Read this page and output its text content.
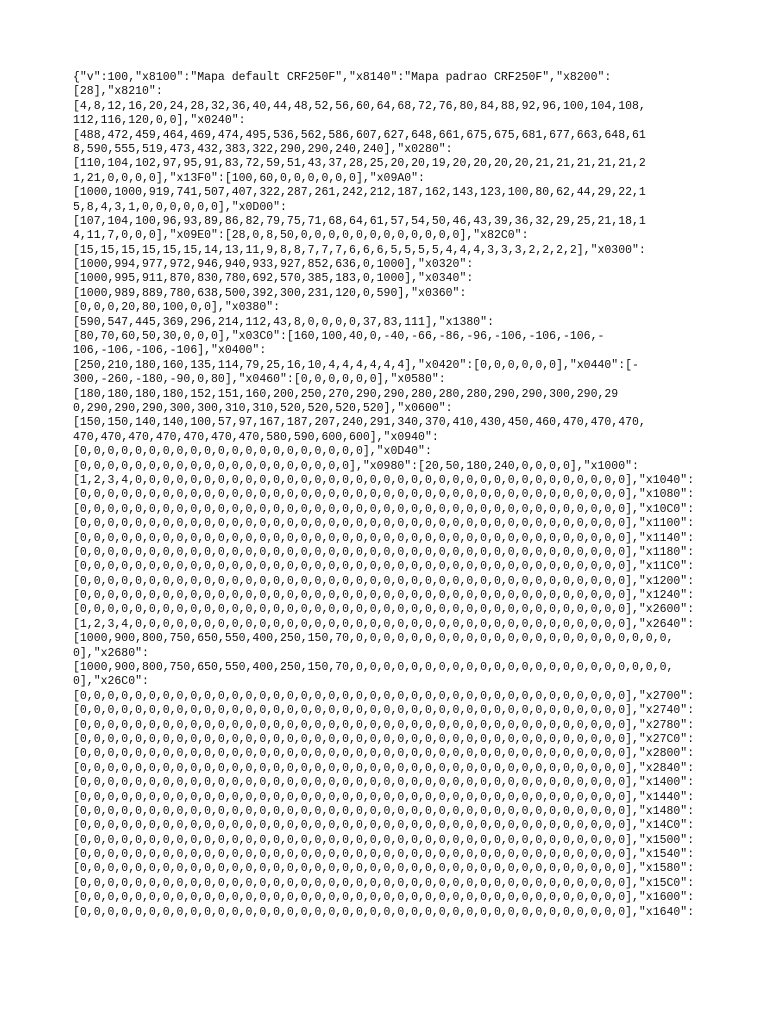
{"v":100,"x8100":"Mapa default CRF250F","x8140":"Mapa padrao CRF250F","x8200":
[28],"x8210":
[4,8,12,16,20,24,28,32,36,40,44,48,52,56,60,64,68,72,76,80,84,88,92,96,100,104,108,
112,116,120,0,0],"x0240":
[488,472,459,464,469,474,495,536,562,586,607,627,648,661,675,675,681,677,663,648,61
8,590,555,519,473,432,383,322,290,290,240,240],"x0280":
[110,104,102,97,95,91,83,72,59,51,43,37,28,25,20,20,19,20,20,20,20,21,21,21,21,21,2
1,21,0,0,0,0],"x13F0":[100,60,0,0,0,0,0,0],"x09A0":
[1000,1000,919,741,507,407,322,287,261,242,212,187,162,143,123,100,80,62,44,29,22,1
5,8,4,3,1,0,0,0,0,0,0],"x0D00":
[107,104,100,96,93,89,86,82,79,75,71,68,64,61,57,54,50,46,43,39,36,32,29,25,21,18,1
4,11,7,0,0,0],"x09E0":[28,0,8,50,0,0,0,0,0,0,0,0,0,0,0,0],"x82C0":
[15,15,15,15,15,15,14,13,11,9,8,8,7,7,7,6,6,6,5,5,5,5,4,4,4,3,3,3,2,2,2,2],"x0300":
[1000,994,977,972,946,940,933,927,852,636,0,1000],"x0320":
[1000,995,911,870,830,780,692,570,385,183,0,1000],"x0340":
[1000,989,889,780,638,500,392,300,231,120,0,590],"x0360":
[0,0,0,20,80,100,0,0],"x0380":
[590,547,445,369,296,214,112,43,8,0,0,0,0,37,83,111],"x1380":
[80,70,60,50,30,0,0,0],"x03C0":[160,100,40,0,-40,-66,-86,-96,-106,-106,-106,-
106,-106,-106,-106],"x0400":
[250,210,180,160,135,114,79,25,16,10,4,4,4,4,4,4],"x0420":[0,0,0,0,0,0],"x0440":[-
300,-260,-180,-90,0,80],"x0460":[0,0,0,0,0,0],"x0580":
[180,180,180,180,152,151,160,200,250,270,290,290,280,280,280,290,290,300,290,29
0,290,290,290,300,300,310,310,520,520,520,520],"x0600":
[150,150,140,140,100,57,97,167,187,207,240,291,340,370,410,430,450,460,470,470,470,
470,470,470,470,470,470,470,580,590,600,600],"x0940":
[0,0,0,0,0,0,0,0,0,0,0,0,0,0,0,0,0,0,0,0,0],"x0D40":
[0,0,0,0,0,0,0,0,0,0,0,0,0,0,0,0,0,0,0,0],"x0980":[20,50,180,240,0,0,0,0],"x1000":
[1,2,3,4,0,0,0,0,0,0,0,0,0,0,0,0,0,0,0,0,0,0,0,0,0,0,0,0,0,0,0,0,0,0,0,0,0,0,0,0],"x1040":
[0,0,0,0,0,0,0,0,0,0,0,0,0,0,0,0,0,0,0,0,0,0,0,0,0,0,0,0,0,0,0,0,0,0,0,0,0,0,0,0],"x1080":
[0,0,0,0,0,0,0,0,0,0,0,0,0,0,0,0,0,0,0,0,0,0,0,0,0,0,0,0,0,0,0,0,0,0,0,0,0,0,0,0],"x10C0":
[0,0,0,0,0,0,0,0,0,0,0,0,0,0,0,0,0,0,0,0,0,0,0,0,0,0,0,0,0,0,0,0,0,0,0,0,0,0,0,0],"x1100":
[0,0,0,0,0,0,0,0,0,0,0,0,0,0,0,0,0,0,0,0,0,0,0,0,0,0,0,0,0,0,0,0,0,0,0,0,0,0,0,0],"x1140":
[0,0,0,0,0,0,0,0,0,0,0,0,0,0,0,0,0,0,0,0,0,0,0,0,0,0,0,0,0,0,0,0,0,0,0,0,0,0,0,0],"x1180":
[0,0,0,0,0,0,0,0,0,0,0,0,0,0,0,0,0,0,0,0,0,0,0,0,0,0,0,0,0,0,0,0,0,0,0,0,0,0,0,0],"x11C0":
[0,0,0,0,0,0,0,0,0,0,0,0,0,0,0,0,0,0,0,0,0,0,0,0,0,0,0,0,0,0,0,0,0,0,0,0,0,0,0,0],"x1200":
[0,0,0,0,0,0,0,0,0,0,0,0,0,0,0,0,0,0,0,0,0,0,0,0,0,0,0,0,0,0,0,0,0,0,0,0,0,0,0,0],"x1240":
[0,0,0,0,0,0,0,0,0,0,0,0,0,0,0,0,0,0,0,0,0,0,0,0,0,0,0,0,0,0,0,0,0,0,0,0,0,0,0,0],"x2600":
[1,2,3,4,0,0,0,0,0,0,0,0,0,0,0,0,0,0,0,0,0,0,0,0,0,0,0,0,0,0,0,0,0,0,0,0,0,0,0,0],"x2640":
[1000,900,800,750,650,550,400,250,150,70,0,0,0,0,0,0,0,0,0,0,0,0,0,0,0,0,0,0,0,0,0,0,0,
0],"x2680":
[1000,900,800,750,650,550,400,250,150,70,0,0,0,0,0,0,0,0,0,0,0,0,0,0,0,0,0,0,0,0,0,0,0,
0],"x26C0":
[0,0,0,0,0,0,0,0,0,0,0,0,0,0,0,0,0,0,0,0,0,0,0,0,0,0,0,0,0,0,0,0,0,0,0,0,0,0,0,0],"x2700":
[0,0,0,0,0,0,0,0,0,0,0,0,0,0,0,0,0,0,0,0,0,0,0,0,0,0,0,0,0,0,0,0,0,0,0,0,0,0,0,0],"x2740":
[0,0,0,0,0,0,0,0,0,0,0,0,0,0,0,0,0,0,0,0,0,0,0,0,0,0,0,0,0,0,0,0,0,0,0,0,0,0,0,0],"x2780":
[0,0,0,0,0,0,0,0,0,0,0,0,0,0,0,0,0,0,0,0,0,0,0,0,0,0,0,0,0,0,0,0,0,0,0,0,0,0,0,0],"x27C0":
[0,0,0,0,0,0,0,0,0,0,0,0,0,0,0,0,0,0,0,0,0,0,0,0,0,0,0,0,0,0,0,0,0,0,0,0,0,0,0,0],"x2800":
[0,0,0,0,0,0,0,0,0,0,0,0,0,0,0,0,0,0,0,0,0,0,0,0,0,0,0,0,0,0,0,0,0,0,0,0,0,0,0,0],"x2840":
[0,0,0,0,0,0,0,0,0,0,0,0,0,0,0,0,0,0,0,0,0,0,0,0,0,0,0,0,0,0,0,0,0,0,0,0,0,0,0,0],"x1400":
[0,0,0,0,0,0,0,0,0,0,0,0,0,0,0,0,0,0,0,0,0,0,0,0,0,0,0,0,0,0,0,0,0,0,0,0,0,0,0,0],"x1440":
[0,0,0,0,0,0,0,0,0,0,0,0,0,0,0,0,0,0,0,0,0,0,0,0,0,0,0,0,0,0,0,0,0,0,0,0,0,0,0,0],"x1480":
[0,0,0,0,0,0,0,0,0,0,0,0,0,0,0,0,0,0,0,0,0,0,0,0,0,0,0,0,0,0,0,0,0,0,0,0,0,0,0,0],"x14C0":
[0,0,0,0,0,0,0,0,0,0,0,0,0,0,0,0,0,0,0,0,0,0,0,0,0,0,0,0,0,0,0,0,0,0,0,0,0,0,0,0],"x1500":
[0,0,0,0,0,0,0,0,0,0,0,0,0,0,0,0,0,0,0,0,0,0,0,0,0,0,0,0,0,0,0,0,0,0,0,0,0,0,0,0],"x1540":
[0,0,0,0,0,0,0,0,0,0,0,0,0,0,0,0,0,0,0,0,0,0,0,0,0,0,0,0,0,0,0,0,0,0,0,0,0,0,0,0],"x1580":
[0,0,0,0,0,0,0,0,0,0,0,0,0,0,0,0,0,0,0,0,0,0,0,0,0,0,0,0,0,0,0,0,0,0,0,0,0,0,0,0],"x15C0":
[0,0,0,0,0,0,0,0,0,0,0,0,0,0,0,0,0,0,0,0,0,0,0,0,0,0,0,0,0,0,0,0,0,0,0,0,0,0,0,0],"x1600":
[0,0,0,0,0,0,0,0,0,0,0,0,0,0,0,0,0,0,0,0,0,0,0,0,0,0,0,0,0,0,0,0,0,0,0,0,0,0,0,0],"x1640":
